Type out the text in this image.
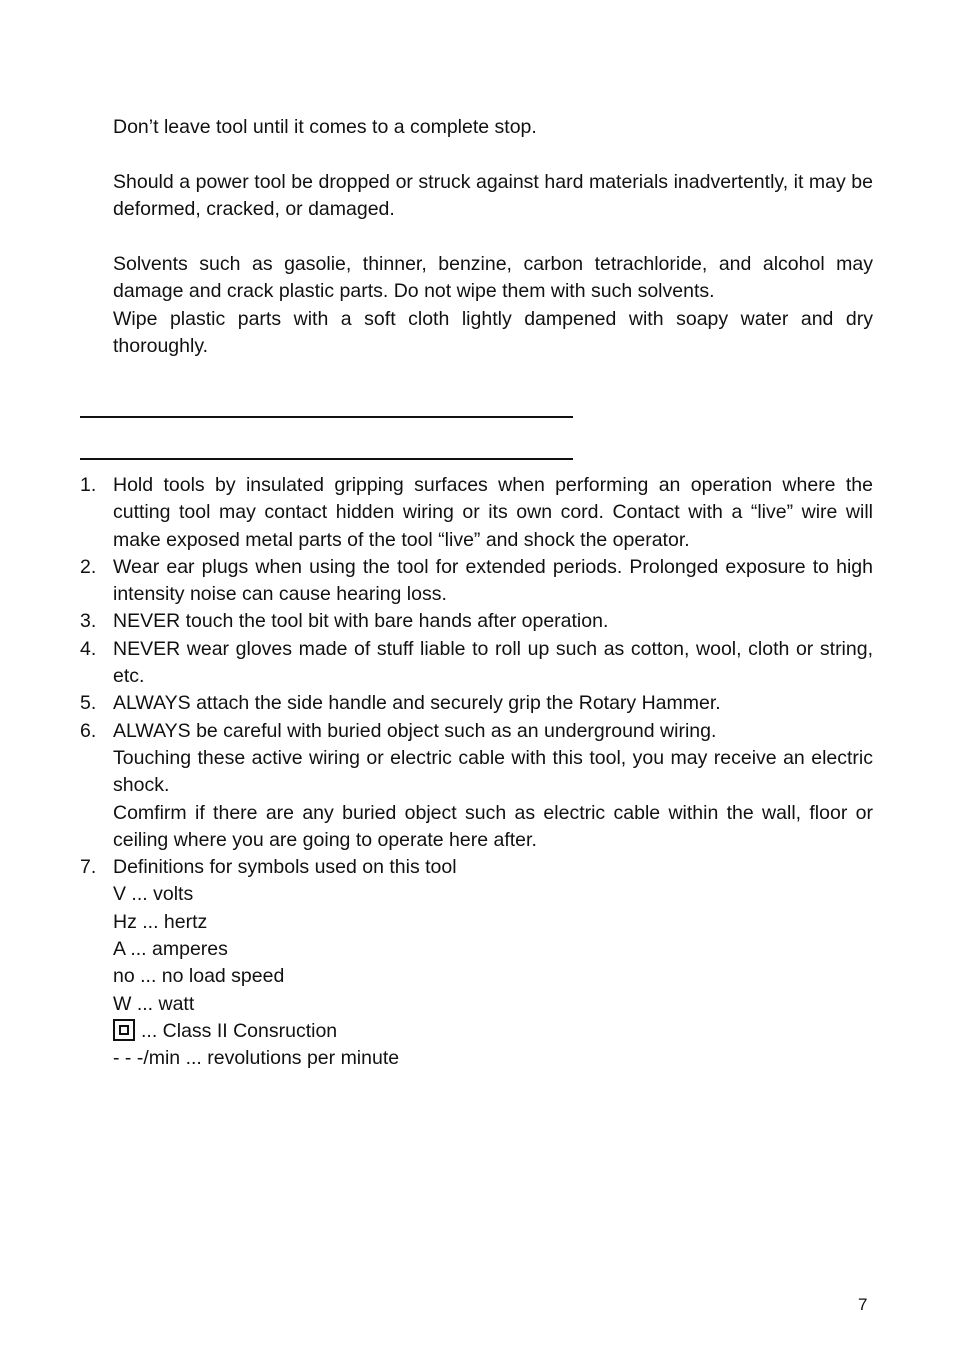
Don’t leave tool until it comes to a complete stop.

Should a power tool be dropped or struck against hard materials inadvertently, it may be deformed, cracked, or damaged.

Solvents such as gasolie, thinner, benzine, carbon tetrachloride, and alcohol may damage and crack plastic parts. Do not wipe them with such solvents.

Wipe plastic parts with a soft cloth lightly dampened with soapy water and dry thoroughly.

1. Hold tools by insulated gripping surfaces when performing an operation where the cutting tool may contact hidden wiring or its own cord. Contact with a “live” wire will make exposed metal parts of the tool “live” and shock the operator.
2. Wear ear plugs when using the tool for extended periods. Prolonged exposure to high intensity noise can cause hearing loss.
3. NEVER touch the tool bit with bare hands after operation.
4. NEVER wear gloves made of stuff liable to roll up such as cotton, wool, cloth or string, etc.
5. ALWAYS attach the side handle and securely grip the Rotary Hammer.
6. ALWAYS be careful with buried object such as an underground wiring.
Touching these active wiring or electric cable with this tool, you may receive an electric shock.
Comfirm if there are any buried object such as electric cable within the wall, floor or ceiling where you are going to operate here after.
7. Definitions for symbols used on this tool
V ... volts
Hz ... hertz
A ... amperes
no ... no load speed
W ... watt
... Class II Consruction
- - -/min ... revolutions per minute
7
